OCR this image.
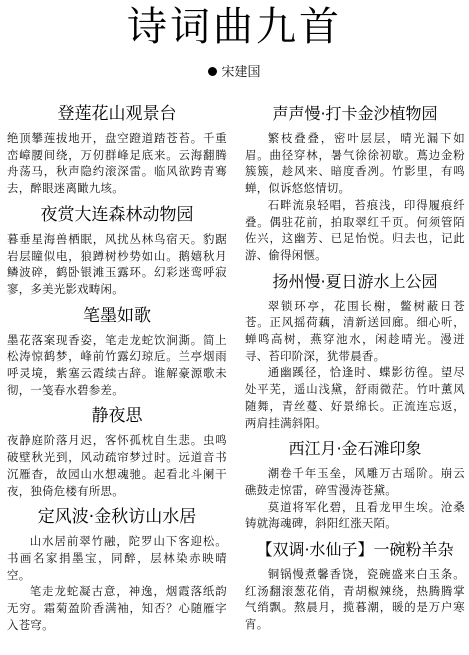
诗词曲九首
宋建国
登莲花山观景台

绝顶攀莲拔地开，盘空蹬道踏苍苔。千重峦嶂腰间绕，万仞群峰足底来。云海翻腾舟荡马，秋声隐约滚深雷。临风欲跨青骞去，醉眼迷离瞰九垓。

夜赏大连森林动物园

暮垂星海兽栖眠，风扰丛林鸟宿天。豹踞岩层瞳似电，狼蹲树杪势如山。鹅嬉秋月鳞波碎，鹤卧银滩玉露环。幻彩迷鸾呼寂寥，多美光影戏畴闲。

笔墨如歌

墨花落案现香姿，笔走龙蛇饮涧澌。简上松涛惊鹤梦，峰前竹露幻琼卮。兰亭烟雨呼灵境，紫塞云霞续古辞。谁解豪源歌未彻，一笺春水碧参差。

静夜思

夜静庭阶落月迟，客怀孤枕自生悲。虫鸣破壁秋光到，风动疏帘梦过时。远道音书沉雁杳，故园山水想魂驰。起看北斗阑干夜，独倚危楼有所思。

定风波·金秋访山水居

山水居前翠竹融，陀罗山下客迎松。书画名家捐墨宝，同醉，层林染赤映晴空。

笔走龙蛇凝古意，神逸，烟霞落纸韵无穷。霜菊盈阶香满袖，知否？心随雁字入苍穹。

声声慢·打卡金沙植物园

繁枝叠叠，密叶层层，晴光漏下如眉。曲径穿林，暑气徐徐初歇。蔦边金粉簇簇，趁风来、暗度香冽。竹影里，有鸣蝉，似诉悠悠情切。

石畔流泉轻唱，苔痕浅，印得履痕纤叠。偶驻花前，拍取翠红千页。何须管陌佐兴，这幽芳、已足怡悦。归去也，记此游、偷得闲惬。

扬州慢·夏日游水上公园

翠锁环亭，花围长榭，鳖树蔽日苍苍。正风摇荷藕，清新送回廊。细心听，蝉鸣高树，燕穿池水，闲趁晴光。漫迸寻、苔印阶深，犹带晨香。

通幽蹊径，恰逢时、蝶影彷徨。望尽处平芜，遥山浅黛，舒雨微茫。竹叶薰风随舞，青丝蔓、好景绵长。正流连忘返，两肩挂满斜阳。

西江月·金石滩印象

潮卷千年玉垒，风雕万古瑶阶。崩云礁鼓走惊雷，碎雪漫涛苍黛。

莫道将军化碧，且看龙甲生埃。沧桑铸就海魂碑，斜阳红涨天陌。

【双调·水仙子】一碗粉羊杂

铜锅慢煮馨香饶，瓷碗盛来白玉条。红汤翻滚葱花俏，青胡椒辣绕，热腾腾掌气绡飘。熬晨月，揽暮潮，暖的是万户寒宵。
